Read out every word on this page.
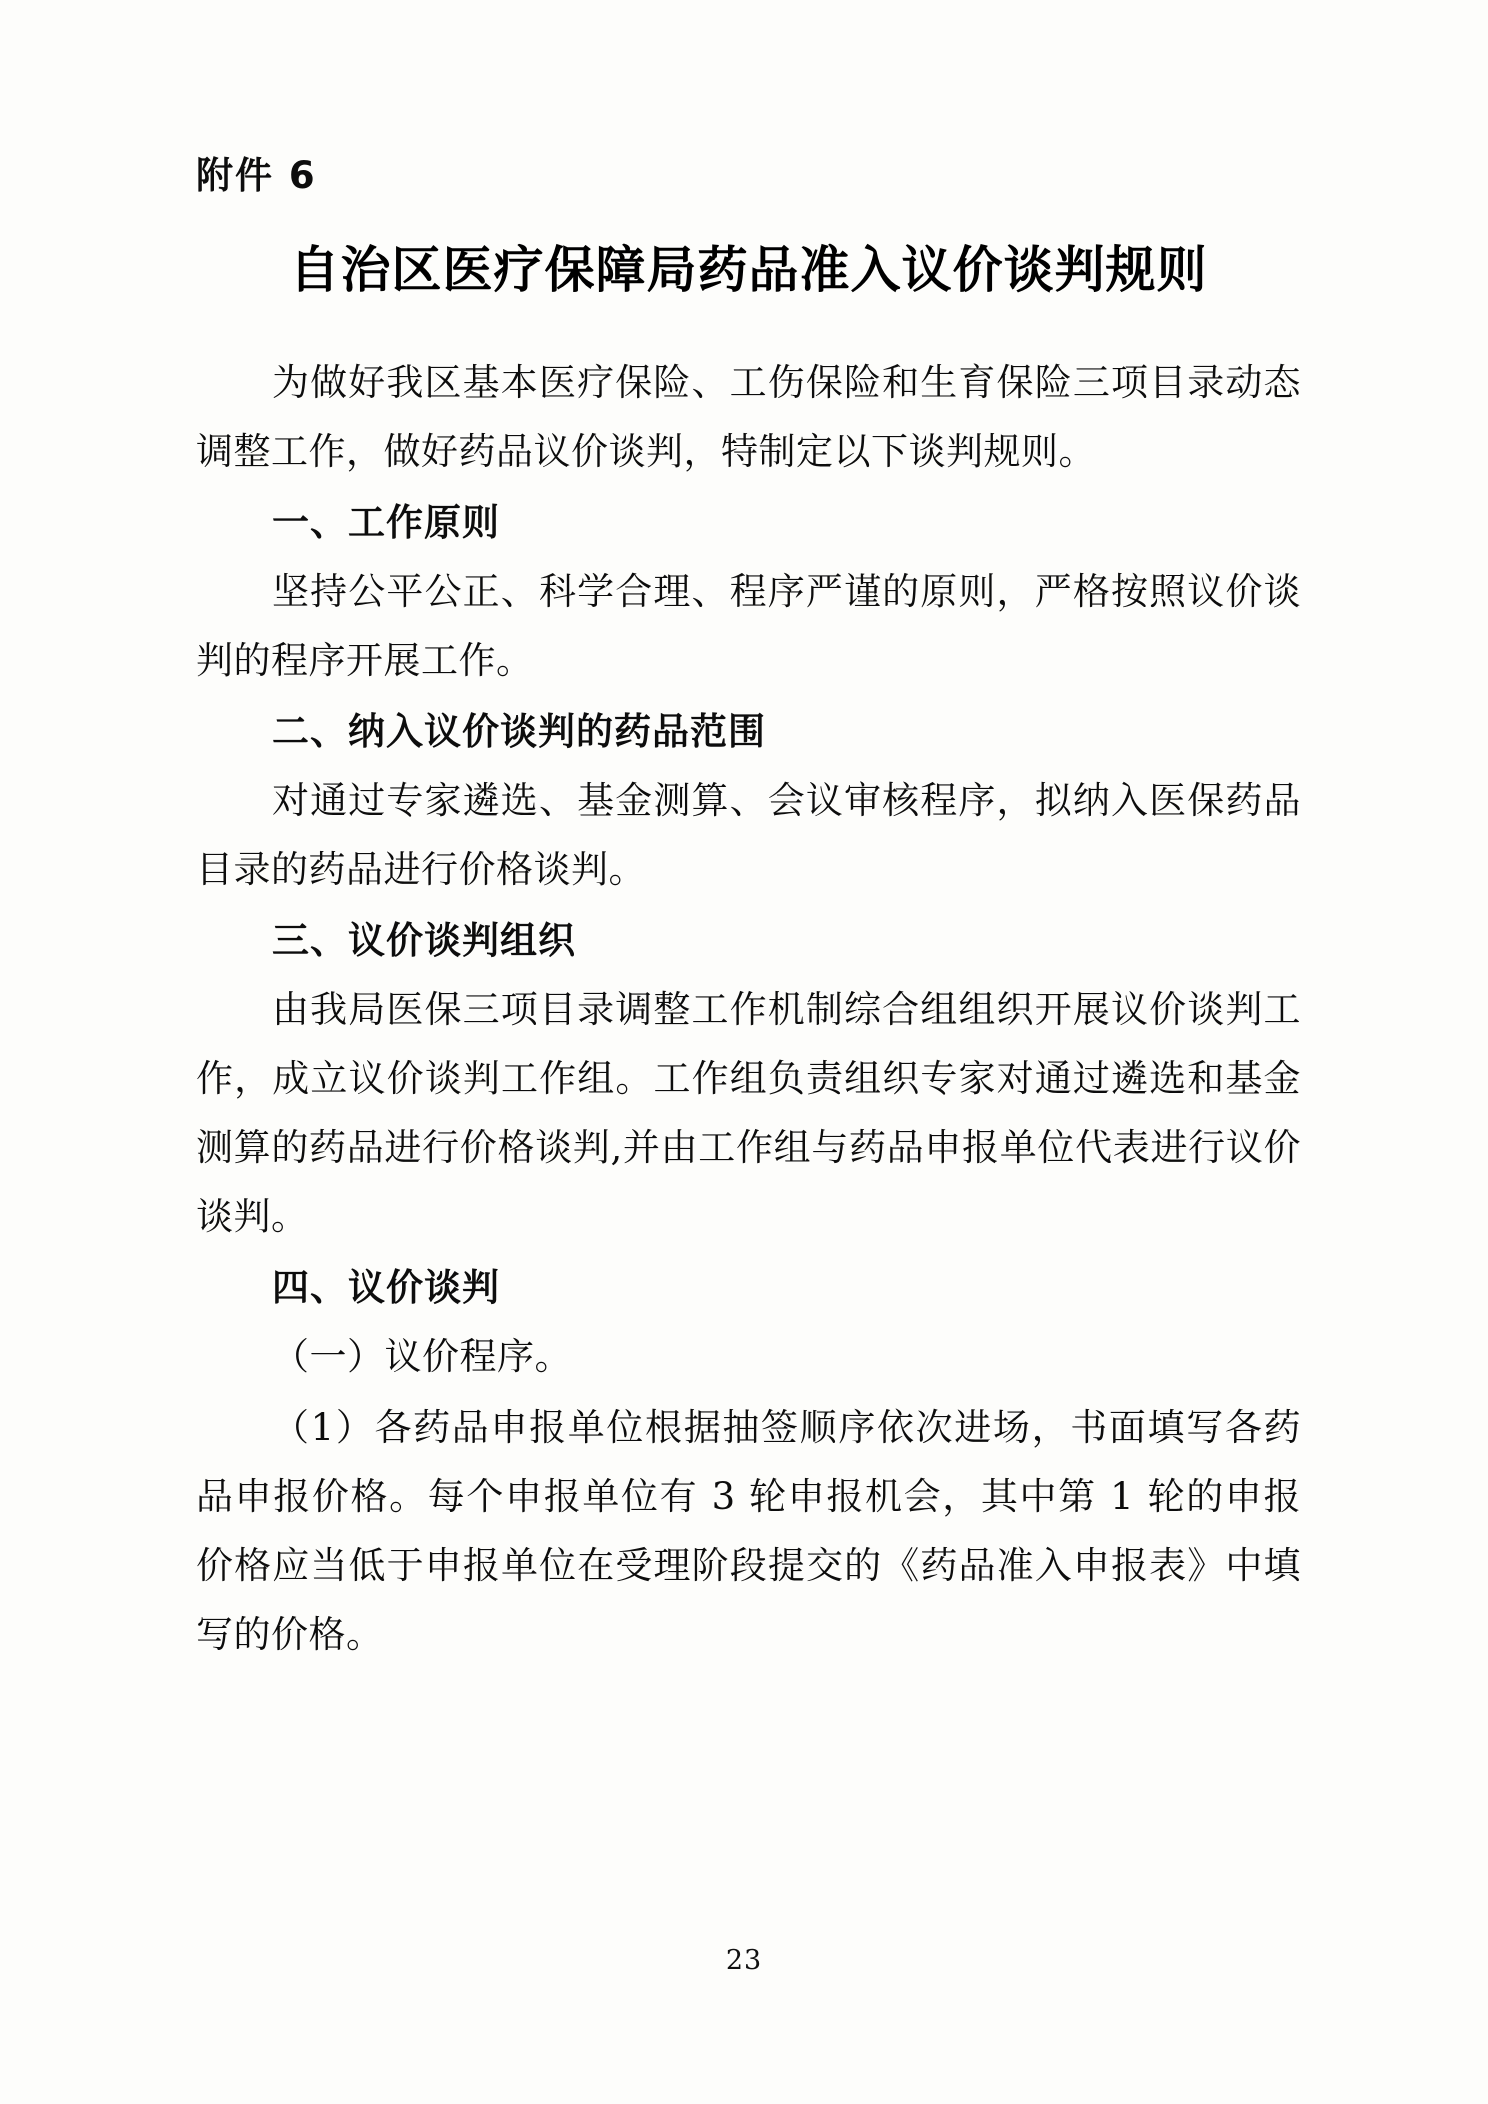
附件 6
自治区医疗保障局药品准入议价谈判规则

为做好我区基本医疗保险、工伤保险和生育保险三项目录动态调整工作，做好药品议价谈判，特制定以下谈判规则。

一、工作原则

坚持公平公正、科学合理、程序严谨的原则，严格按照议价谈判的程序开展工作。

二、纳入议价谈判的药品范围

对通过专家遴选、基金测算、会议审核程序，拟纳入医保药品目录的药品进行价格谈判。

三、议价谈判组织

由我局医保三项目录调整工作机制综合组组织开展议价谈判工作，成立议价谈判工作组。工作组负责组织专家对通过遴选和基金测算的药品进行价格谈判,并由工作组与药品申报单位代表进行议价谈判。

四、议价谈判

（一）议价程序。

（1）各药品申报单位根据抽签顺序依次进场，书面填写各药品申报价格。每个申报单位有 3 轮申报机会，其中第 1 轮的申报价格应当低于申报单位在受理阶段提交的《药品准入申报表》中填写的价格。

23
